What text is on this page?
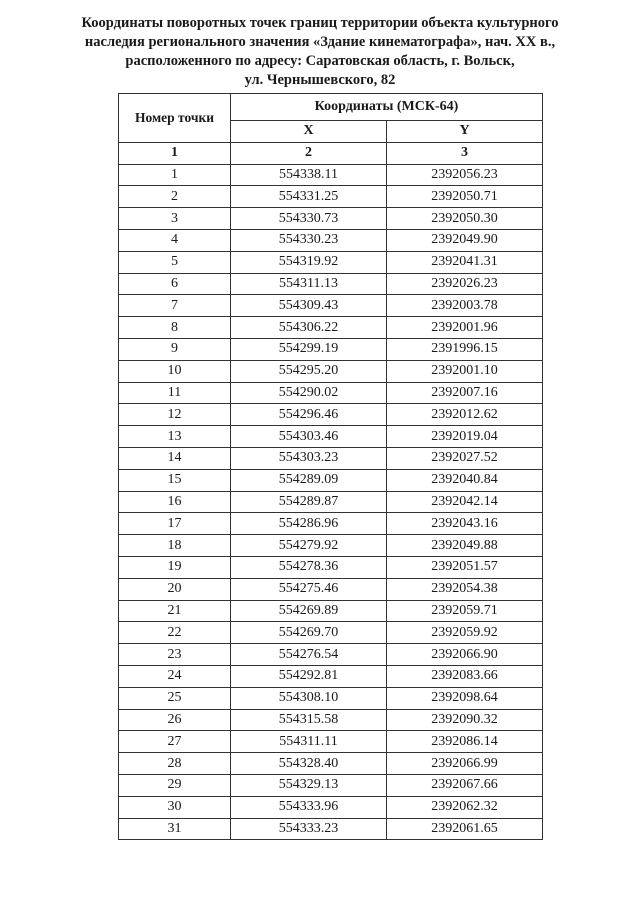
Координаты поворотных точек границ территории объекта культурного
наследия регионального значения «Здание кинематографа», нач. XX в.,
расположенного по адресу: Саратовская область, г. Вольск,
ул. Чернышевского, 82
Номер точки	Координаты (МСК-64)	
	X	Y
1	2	3
1	554338.11	2392056.23
2	554331.25	2392050.71
3	554330.73	2392050.30
4	554330.23	2392049.90
5	554319.92	2392041.31
6	554311.13	2392026.23
7	554309.43	2392003.78
8	554306.22	2392001.96
9	554299.19	2391996.15
10	554295.20	2392001.10
11	554290.02	2392007.16
12	554296.46	2392012.62
13	554303.46	2392019.04
14	554303.23	2392027.52
15	554289.09	2392040.84
16	554289.87	2392042.14
17	554286.96	2392043.16
18	554279.92	2392049.88
19	554278.36	2392051.57
20	554275.46	2392054.38
21	554269.89	2392059.71
22	554269.70	2392059.92
23	554276.54	2392066.90
24	554292.81	2392083.66
25	554308.10	2392098.64
26	554315.58	2392090.32
27	554311.11	2392086.14
28	554328.40	2392066.99
29	554329.13	2392067.66
30	554333.96	2392062.32
31	554333.23	2392061.65
